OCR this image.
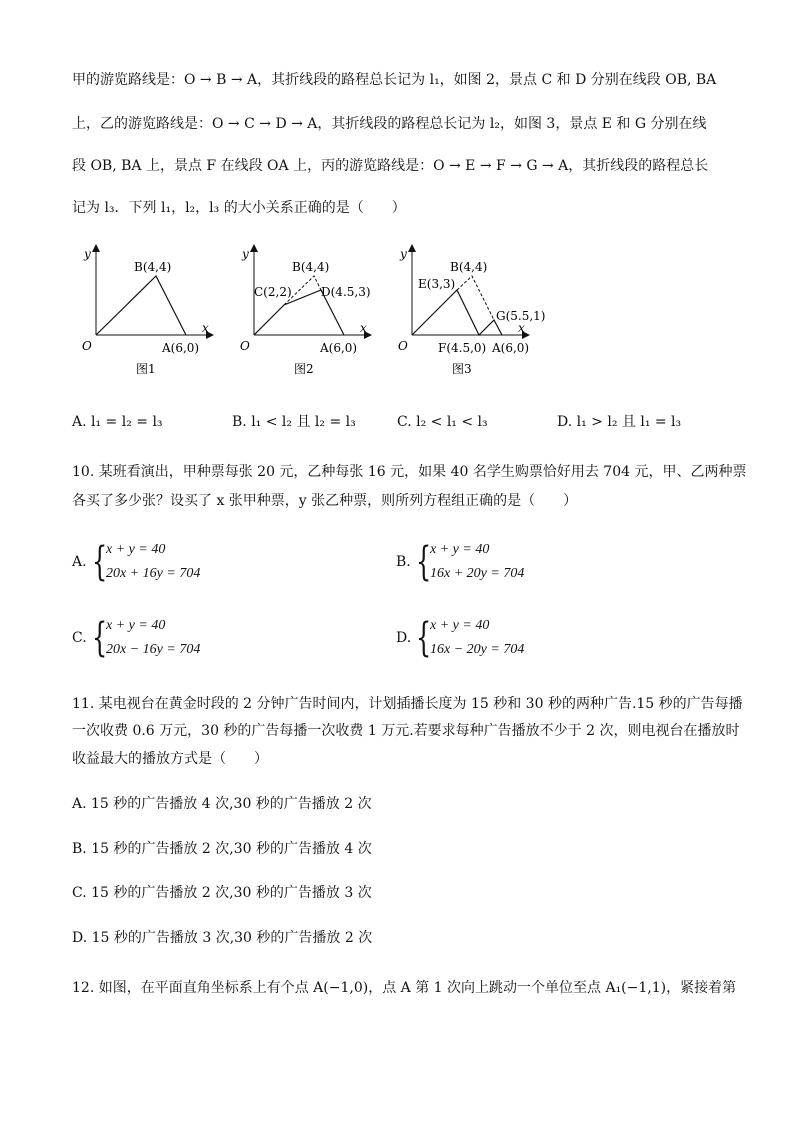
甲的游览路线是：O → B → A，其折线段的路程总长记为 l₁，如图 2，景点 C 和 D 分别在线段 OB, BA
上，乙的游览路线是：O → C → D → A，其折线段的路程总长记为 l₂，如图 3，景点 E 和 G 分别在线
段 OB, BA 上，景点 F 在线段 OA 上，丙的游览路线是：O → E → F → G → A，其折线段的路程总长
记为 l₃．下列 l₁，l₂，l₃ 的大小关系正确的是（　　）
y
x
O
B(4,4)
A(6,0)
图1
y
x
O
B(4,4)
C(2,2) D(4.5,3)
A(6,0)
图2
y
x
O
B(4,4)
E(3,3)
G(5.5,1)
F(4.5,0) A(6,0)
图3
A. l₁ = l₂ = l₃	B. l₁ < l₂ 且 l₂ = l₃	C. l₂ < l₁ < l₃	D. l₁ > l₂ 且 l₁ = l₃
10. 某班看演出，甲种票每张 20 元，乙种每张 16 元，如果 40 名学生购票恰好用去 704 元，甲、乙两种票
各买了多少张？设买了 x 张甲种票，y 张乙种票，则所列方程组正确的是（　　）
A. {
x + y = 40
20x + 16y = 704
B. {
x + y = 40
16x + 20y = 704
C. {
x + y = 40
20x − 16y = 704
D. {
x + y = 40
16x − 20y = 704
11. 某电视台在黄金时段的 2 分钟广告时间内，计划插播长度为 15 秒和 30 秒的两种广告.15 秒的广告每播
一次收费 0.6 万元，30 秒的广告每播一次收费 1 万元.若要求每种广告播放不少于 2 次，则电视台在播放时
收益最大的播放方式是（　　）
A. 15 秒的广告播放 4 次,30 秒的广告播放 2 次
B. 15 秒的广告播放 2 次,30 秒的广告播放 4 次
C. 15 秒的广告播放 2 次,30 秒的广告播放 3 次
D. 15 秒的广告播放 3 次,30 秒的广告播放 2 次
12. 如图，在平面直角坐标系上有个点 A(−1,0)，点 A 第 1 次向上跳动一个单位至点 A₁(−1,1)，紧接着第
